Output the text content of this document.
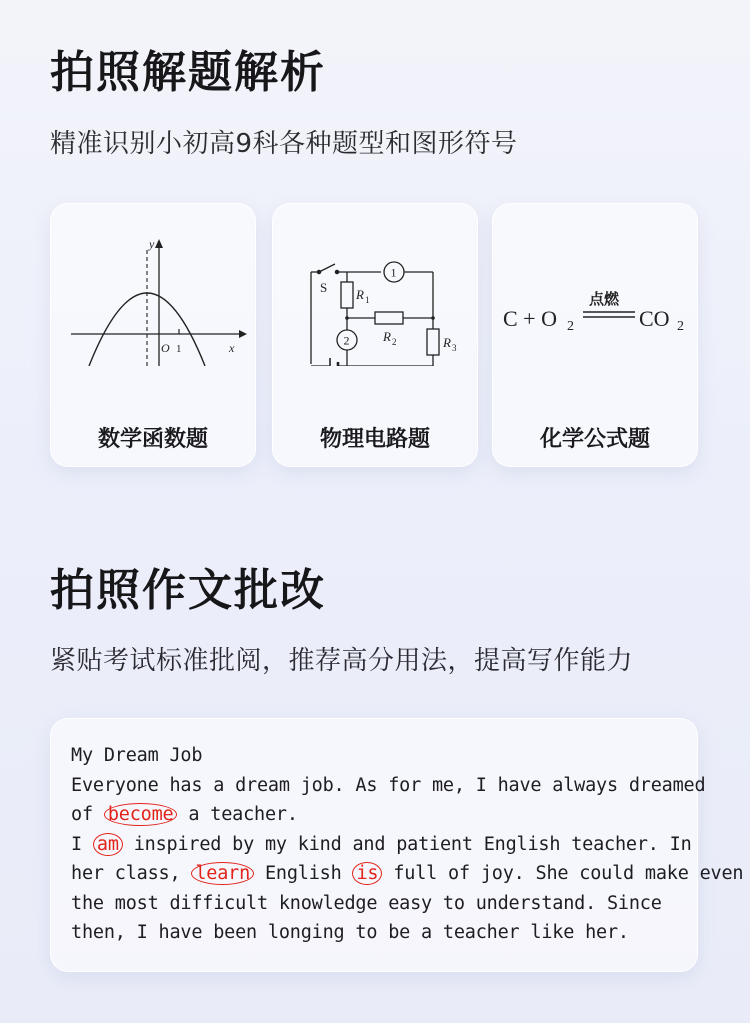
拍照解题解析

精准识别小初高9科各种题型和图形符号

y
x
O 1
数学函数题
S
1
2
R 1
R 2	R 3
物理电路题
C + O 2	CO 2
点燃
化学公式题
拍照作文批改

紧贴考试标准批阅，推荐高分用法，提高写作能力

My Dream Job
Everyone has a dream job. As for me, I have always dreamed
of become a teacher.
I am inspired by my kind and patient English teacher. In
her class, learn English is full of joy. She could make even
the most difficult knowledge easy to understand. Since
then, I have been longing to be a teacher like her.
